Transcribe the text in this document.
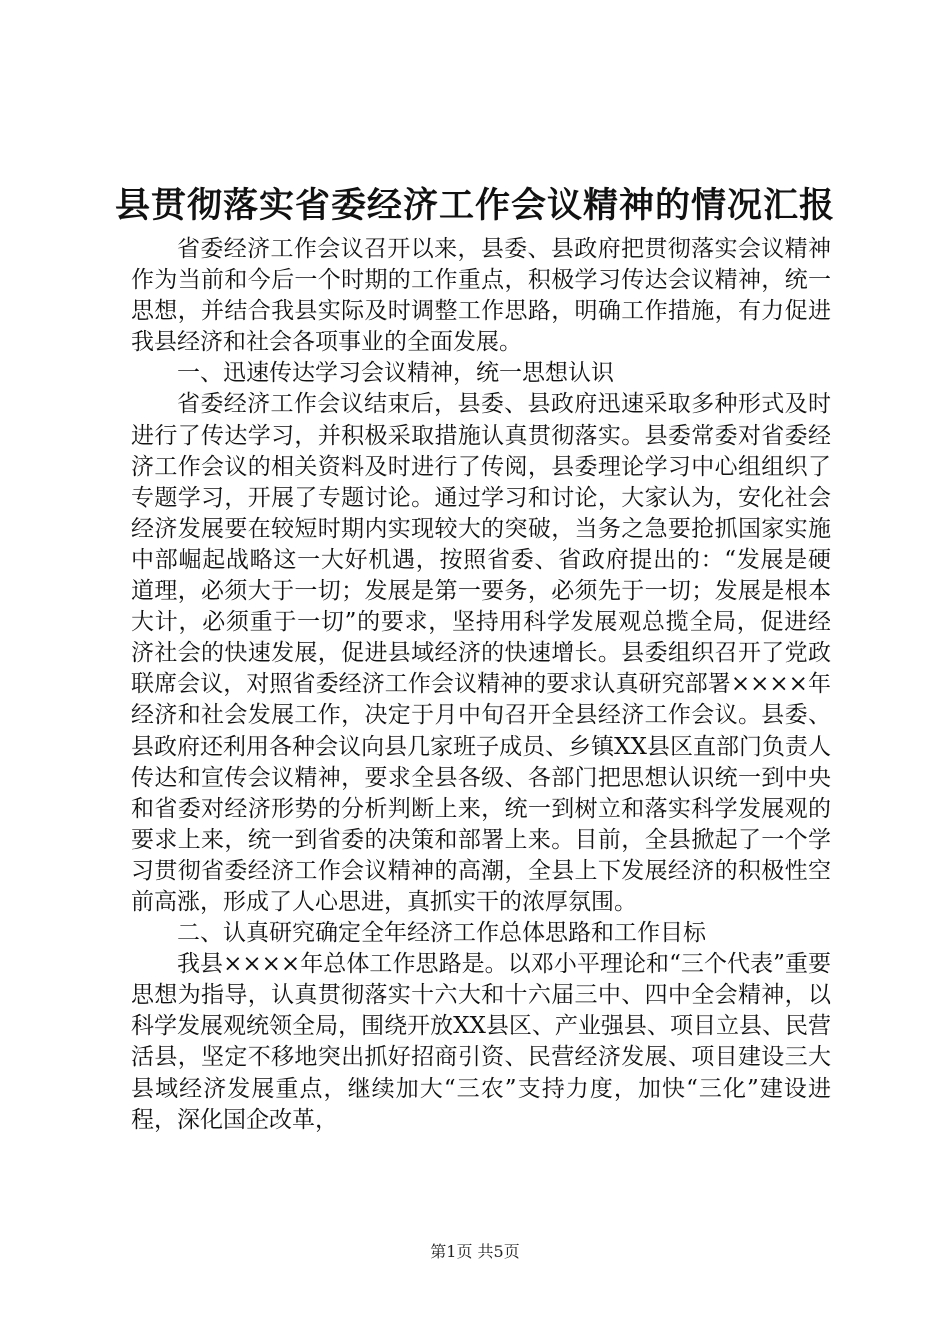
县贯彻落实省委经济工作会议精神的情况汇报

省委经济工作会议召开以来，县委、县政府把贯彻落实会议精神作为当前和今后一个时期的工作重点，积极学习传达会议精神，统一思想，并结合我县实际及时调整工作思路，明确工作措施，有力促进我县经济和社会各项事业的全面发展。

一、迅速传达学习会议精神，统一思想认识

省委经济工作会议结束后，县委、县政府迅速采取多种形式及时进行了传达学习，并积极采取措施认真贯彻落实。县委常委对省委经济工作会议的相关资料及时进行了传阅，县委理论学习中心组组织了专题学习，开展了专题讨论。通过学习和讨论，大家认为，安化社会经济发展要在较短时期内实现较大的突破，当务之急要抢抓国家实施中部崛起战略这一大好机遇，按照省委、省政府提出的：“发展是硬道理，必须大于一切；发展是第一要务，必须先于一切；发展是根本大计，必须重于一切”的要求，坚持用科学发展观总揽全局，促进经济社会的快速发展，促进县域经济的快速增长。县委组织召开了党政联席会议，对照省委经济工作会议精神的要求认真研究部署××××年经济和社会发展工作，决定于月中旬召开全县经济工作会议。县委、县政府还利用各种会议向县几家班子成员、乡镇XX县区直部门负责人传达和宣传会议精神，要求全县各级、各部门把思想认识统一到中央和省委对经济形势的分析判断上来，统一到树立和落实科学发展观的要求上来，统一到省委的决策和部署上来。目前，全县掀起了一个学习贯彻省委经济工作会议精神的高潮，全县上下发展经济的积极性空前高涨，形成了人心思进，真抓实干的浓厚氛围。

二、认真研究确定全年经济工作总体思路和工作目标

我县××××年总体工作思路是。以邓小平理论和“三个代表”重要思想为指导，认真贯彻落实十六大和十六届三中、四中全会精神，以科学发展观统领全局，围绕开放XX县区、产业强县、项目立县、民营活县，坚定不移地突出抓好招商引资、民营经济发展、项目建设三大县域经济发展重点，继续加大“三农”支持力度，加快“三化”建设进程，深化国企改革，

第1页 共5页
